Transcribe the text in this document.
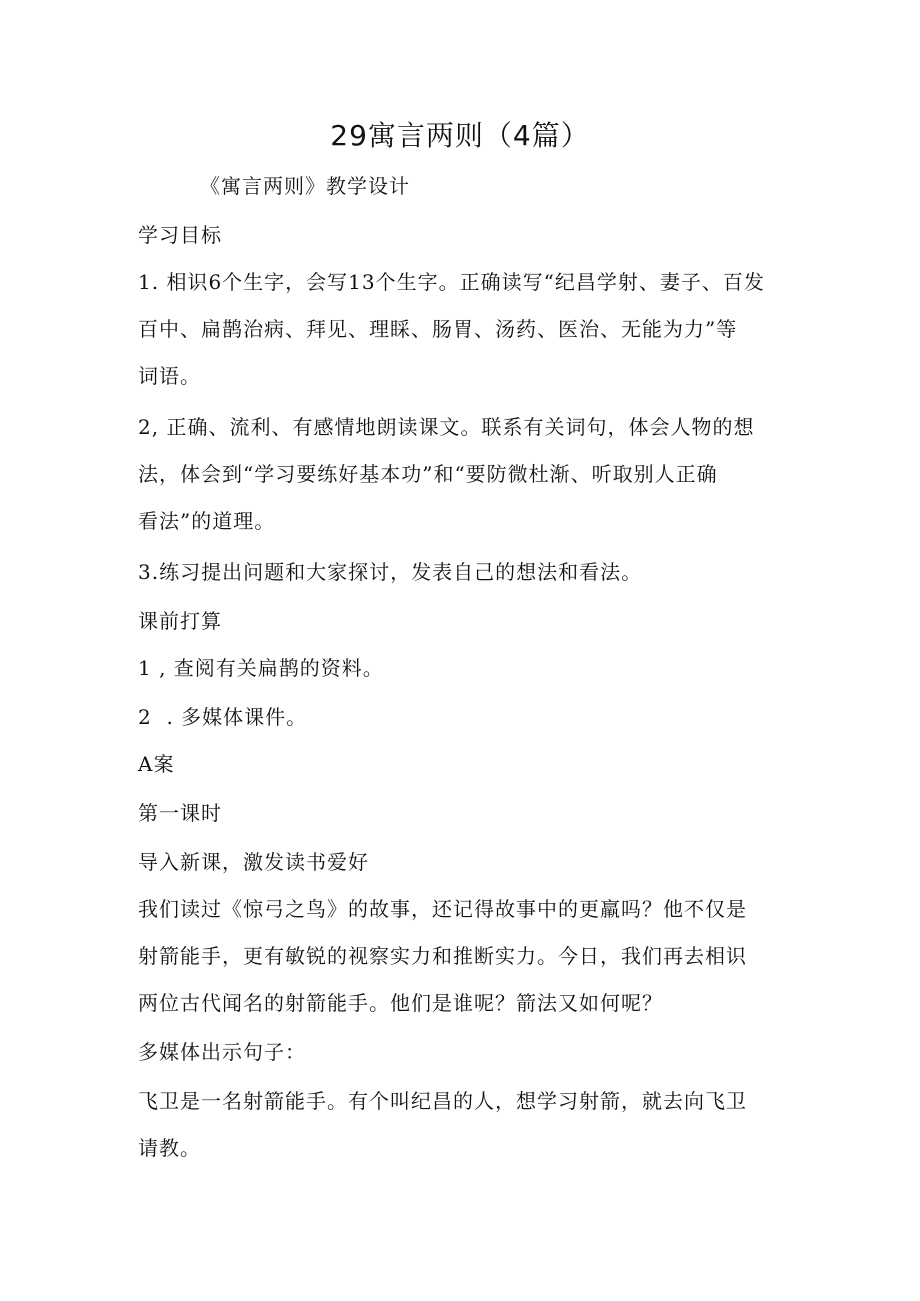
29寓言两则（4篇）
《寓言两则》教学设计
学习目标
1. 相识6个生字，会写13个生字。正确读写“纪昌学射、妻子、百发
百中、扁鹊治病、拜见、理睬、肠胃、汤药、医治、无能为力”等
词语。
2, 正确、流利、有感情地朗读课文。联系有关词句，体会人物的想
法，体会到“学习要练好基本功”和“要防微杜渐、听取别人正确
看法”的道理。
3.练习提出问题和大家探讨，发表自己的想法和看法。
课前打算
1 , 查阅有关扁鹊的资料。
2  . 多媒体课件。
A案
第一课时
导入新课，激发读书爱好
我们读过《惊弓之鸟》的故事，还记得故事中的更羸吗？他不仅是
射箭能手，更有敏锐的视察实力和推断实力。今日，我们再去相识
两位古代闻名的射箭能手。他们是谁呢？箭法又如何呢？
多媒体出示句子：
飞卫是一名射箭能手。有个叫纪昌的人，想学习射箭，就去向飞卫
请教。
